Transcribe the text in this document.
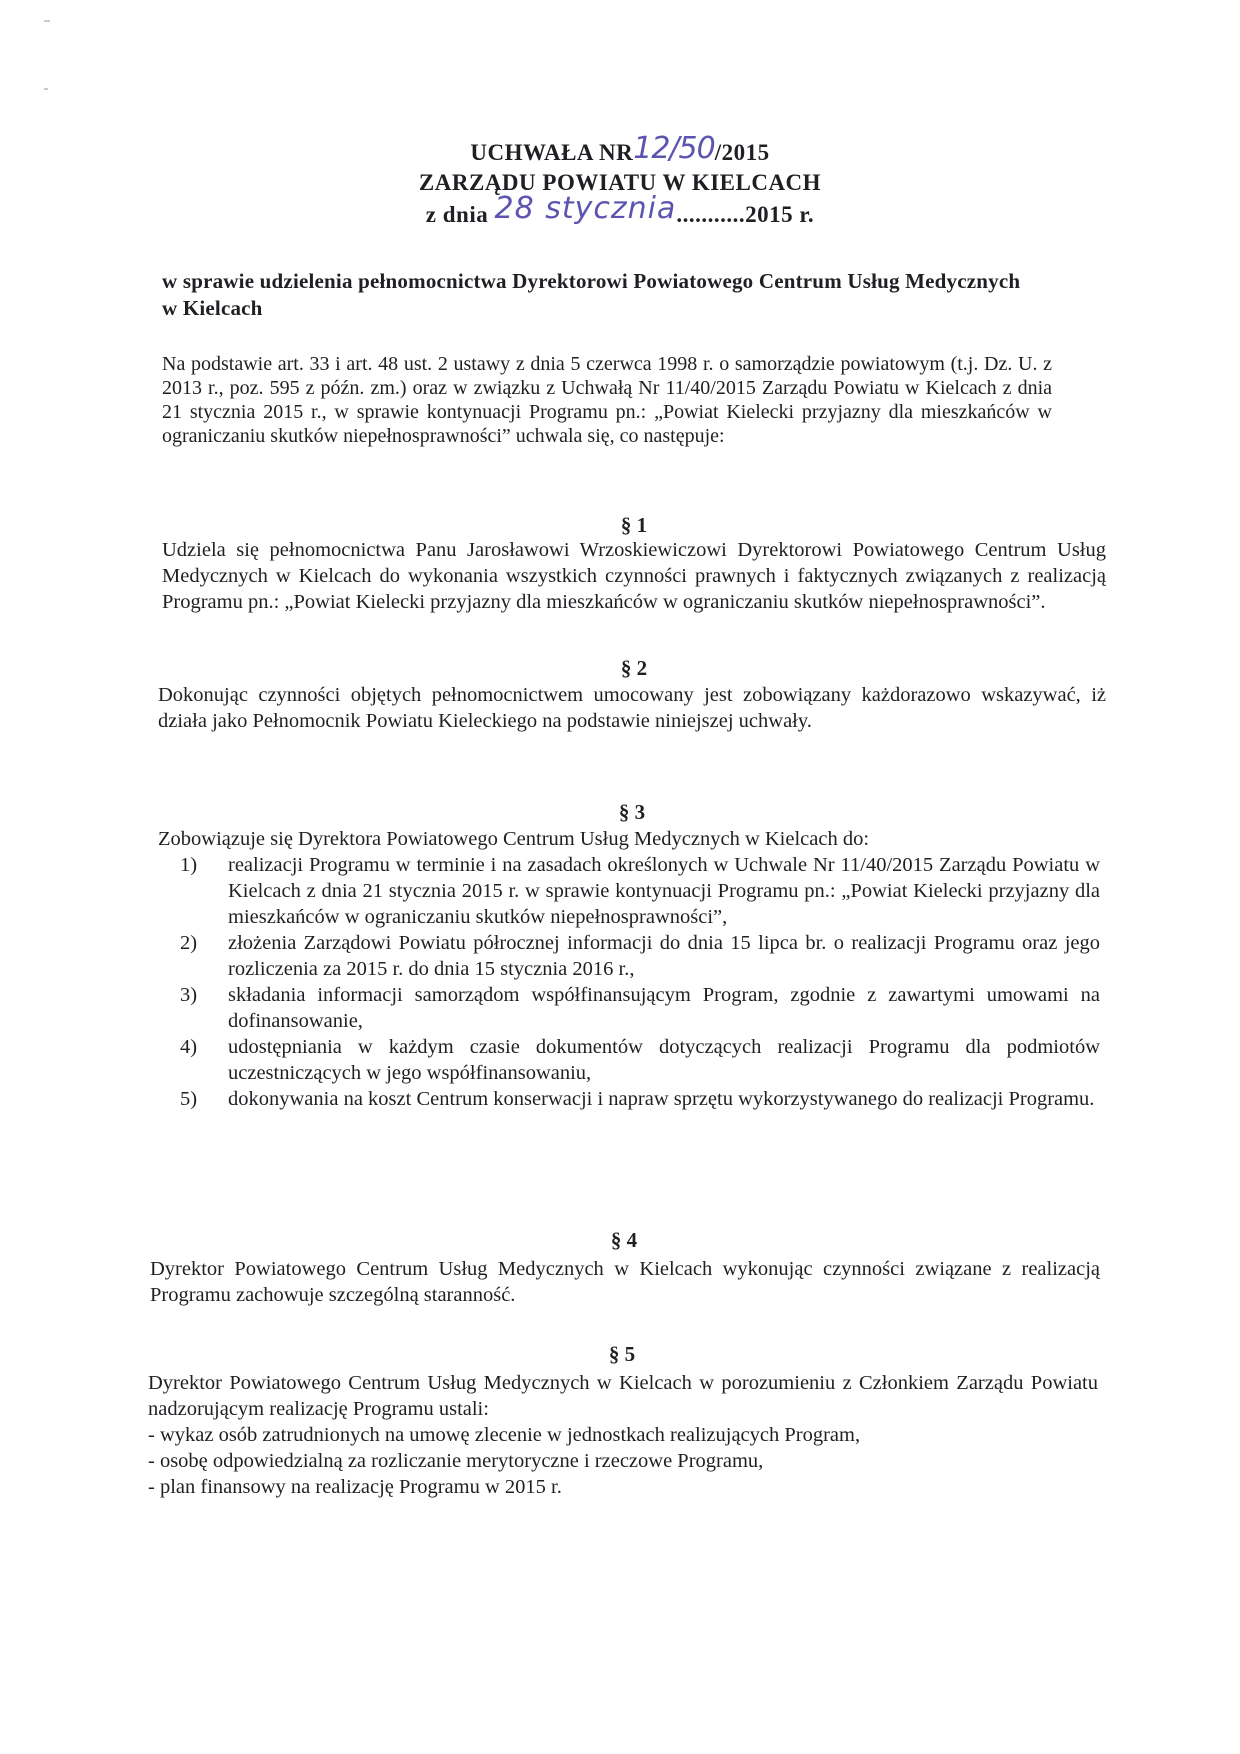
UCHWAŁA NR12/50/2015
ZARZĄDU POWIATU W KIELCACH
z dnia 28 stycznia...........2015 r.
w sprawie udzielenia pełnomocnictwa Dyrektorowi Powiatowego Centrum Usług Medycznych w Kielcach
Na podstawie art. 33 i art. 48 ust. 2 ustawy z dnia 5 czerwca 1998 r. o samorządzie powiatowym (t.j. Dz. U. z 2013 r., poz. 595 z późn. zm.) oraz w związku z Uchwałą Nr 11/40/2015 Zarządu Powiatu w Kielcach z dnia 21 stycznia 2015 r., w sprawie kontynuacji Programu pn.: „Powiat Kielecki przyjazny dla mieszkańców w ograniczaniu skutków niepełnosprawności” uchwala się, co następuje:
§ 1
Udziela się pełnomocnictwa Panu Jarosławowi Wrzoskiewiczowi Dyrektorowi Powiatowego Centrum Usług Medycznych w Kielcach do wykonania wszystkich czynności prawnych i faktycznych związanych z realizacją Programu pn.: „Powiat Kielecki przyjazny dla mieszkańców w ograniczaniu skutków niepełnosprawności”.
§ 2
Dokonując czynności objętych pełnomocnictwem umocowany jest zobowiązany każdorazowo wskazywać, iż działa jako Pełnomocnik Powiatu Kieleckiego na podstawie niniejszej uchwały.
§ 3
Zobowiązuje się Dyrektora Powiatowego Centrum Usług Medycznych w Kielcach do:
1)	realizacji Programu w terminie i na zasadach określonych w Uchwale Nr 11/40/2015 Zarządu Powiatu w Kielcach z dnia 21 stycznia 2015 r. w sprawie kontynuacji Programu pn.: „Powiat Kielecki przyjazny dla mieszkańców w ograniczaniu skutków niepełnosprawności”,
2)	złożenia Zarządowi Powiatu półrocznej informacji do dnia 15 lipca br. o realizacji Programu oraz jego rozliczenia za 2015 r. do dnia 15 stycznia 2016 r.,
3)	składania informacji samorządom współfinansującym Program, zgodnie z zawartymi umowami na dofinansowanie,
4)	udostępniania w każdym czasie dokumentów dotyczących realizacji Programu dla podmiotów uczestniczących w jego współfinansowaniu,
5)	dokonywania na koszt Centrum konserwacji i napraw sprzętu wykorzystywanego do realizacji Programu.
§ 4
Dyrektor Powiatowego Centrum Usług Medycznych w Kielcach wykonując czynności związane z realizacją Programu zachowuje szczególną staranność.
§ 5
Dyrektor Powiatowego Centrum Usług Medycznych w Kielcach w porozumieniu z Członkiem Zarządu Powiatu nadzorującym realizację Programu ustali:
- wykaz osób zatrudnionych na umowę zlecenie w jednostkach realizujących Program,
- osobę odpowiedzialną za rozliczanie merytoryczne i rzeczowe Programu,
- plan finansowy na realizację Programu w 2015 r.
